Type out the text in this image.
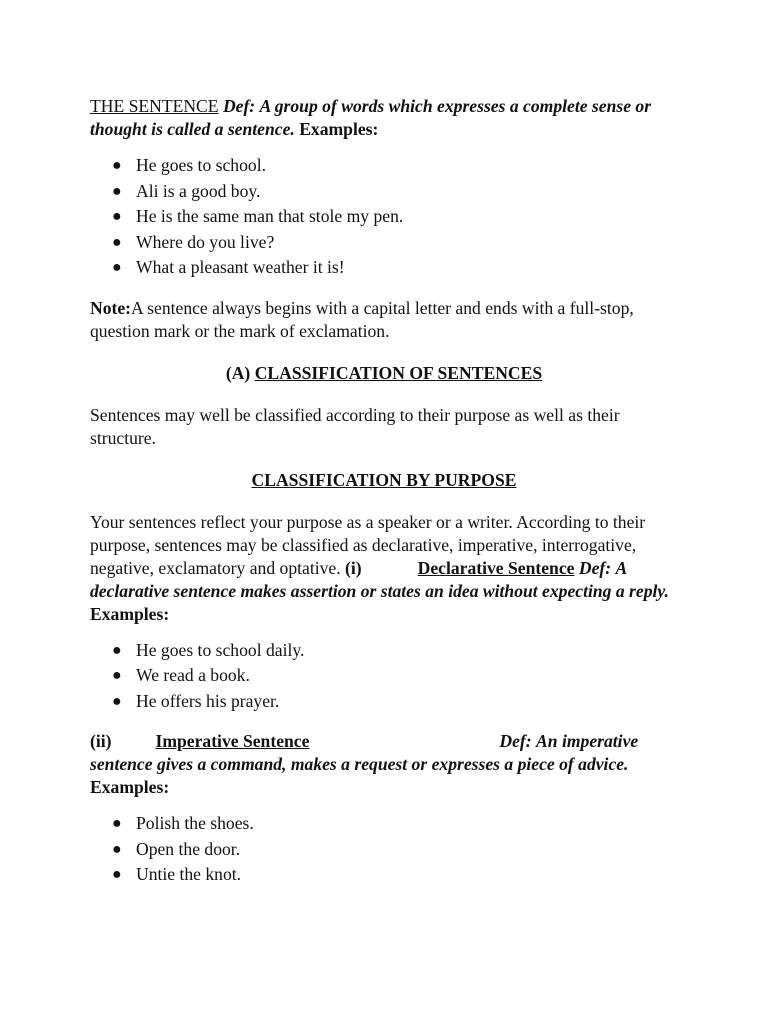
THE SENTENCE Def: A group of words which expresses a complete sense or thought is called a sentence. Examples:

● He goes to school.
● Ali is a good boy.
● He is the same man that stole my pen.
● Where do you live?
● What a pleasant weather it is!

Note:A sentence always begins with a capital letter and ends with a full-stop, question mark or the mark of exclamation.

(A) CLASSIFICATION OF SENTENCES

Sentences may well be classified according to their purpose as well as their structure.

CLASSIFICATION BY PURPOSE

Your sentences reflect your purpose as a speaker or a writer. According to their purpose, sentences may be classified as declarative, imperative, interrogative, negative, exclamatory and optative. (i)	Declarative Sentence Def: A declarative sentence makes assertion or states an idea without expecting a reply. Examples:

● He goes to school daily.
● We read a book.
● He offers his prayer.

(ii)	Imperative Sentence	Def: An imperative sentence gives a command, makes a request or expresses a piece of advice. Examples:

● Polish the shoes.
● Open the door.
● Untie the knot.
